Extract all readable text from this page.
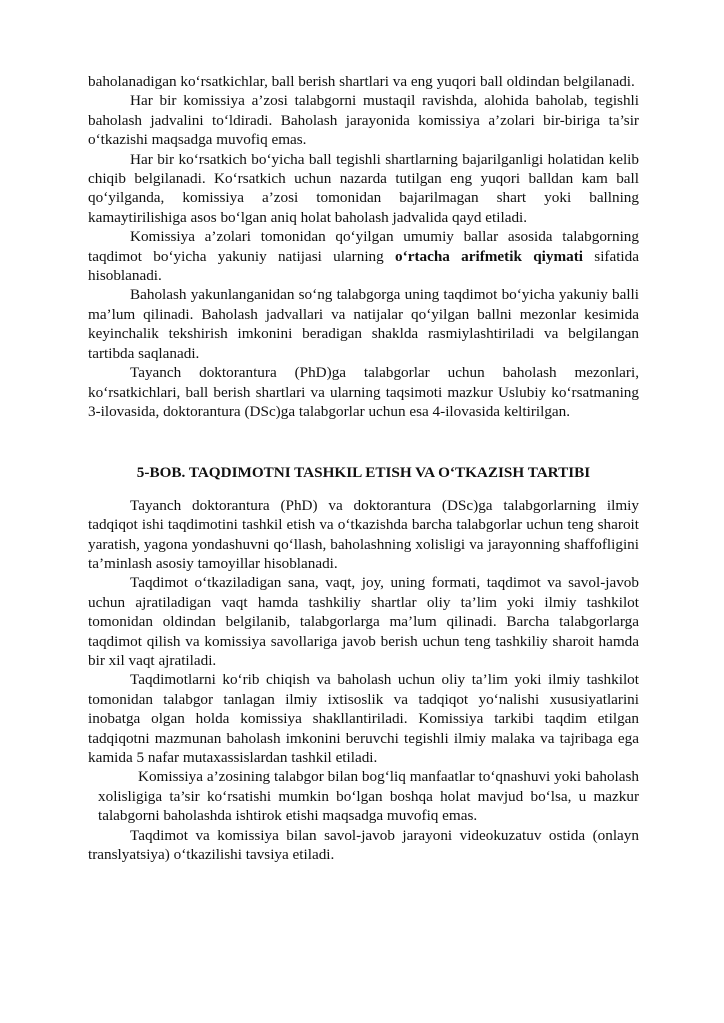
baholanadigan ko‘rsatkichlar, ball berish shartlari va eng yuqori ball oldindan belgilanadi.

Har bir komissiya a’zosi talabgorni mustaqil ravishda, alohida baholab, tegishli baholash jadvalini to‘ldiradi. Baholash jarayonida komissiya a’zolari bir-biriga ta’sir o‘tkazishi maqsadga muvofiq emas.

Har bir ko‘rsatkich bo‘yicha ball tegishli shartlarning bajarilganligi holatidan kelib chiqib belgilanadi. Ko‘rsatkich uchun nazarda tutilgan eng yuqori balldan kam ball qo‘yilganda, komissiya a’zosi tomonidan bajarilmagan shart yoki ballning kamaytirilishiga asos bo‘lgan aniq holat baholash jadvalida qayd etiladi.

Komissiya a’zolari tomonidan qo‘yilgan umumiy ballar asosida talabgorning taqdimot bo‘yicha yakuniy natijasi ularning o‘rtacha arifmetik qiymati sifatida hisoblanadi.

Baholash yakunlanganidan so‘ng talabgorga uning taqdimot bo‘yicha yakuniy balli ma’lum qilinadi. Baholash jadvallari va natijalar qo‘yilgan ballni mezonlar kesimida keyinchalik tekshirish imkonini beradigan shaklda rasmiylashtiriladi va belgilangan tartibda saqlanadi.

Tayanch doktorantura (PhD)ga talabgorlar uchun baholash mezonlari, ko‘rsatkichlari, ball berish shartlari va ularning taqsimoti mazkur Uslubiy ko‘rsatmaning 3-ilovasida, doktorantura (DSc)ga talabgorlar uchun esa 4-ilovasida keltirilgan.

5-BOB. TAQDIMOTNI TASHKIL ETISH VA O‘TKAZISH TARTIBI

Tayanch doktorantura (PhD) va doktorantura (DSc)ga talabgorlarning ilmiy tadqiqot ishi taqdimotini tashkil etish va o‘tkazishda barcha talabgorlar uchun teng sharoit yaratish, yagona yondashuvni qo‘llash, baholashning xolisligi va jarayonning shaffofligini ta’minlash asosiy tamoyillar hisoblanadi.

Taqdimot o‘tkaziladigan sana, vaqt, joy, uning formati, taqdimot va savol-javob uchun ajratiladigan vaqt hamda tashkiliy shartlar oliy ta’lim yoki ilmiy tashkilot tomonidan oldindan belgilanib, talabgorlarga ma’lum qilinadi. Barcha talabgorlarga taqdimot qilish va komissiya savollariga javob berish uchun teng tashkiliy sharoit hamda bir xil vaqt ajratiladi.

Taqdimotlarni ko‘rib chiqish va baholash uchun oliy ta’lim yoki ilmiy tashkilot tomonidan talabgor tanlagan ilmiy ixtisoslik va tadqiqot yo‘nalishi xususiyatlarini inobatga olgan holda komissiya shakllantiriladi. Komissiya tarkibi taqdim etilgan tadqiqotni mazmunan baholash imkonini beruvchi tegishli ilmiy malaka va tajribaga ega kamida 5 nafar mutaxassislardan tashkil etiladi.

Komissiya a’zosining talabgor bilan bog‘liq manfaatlar to‘qnashuvi yoki baholash xolisligiga ta’sir ko‘rsatishi mumkin bo‘lgan boshqa holat mavjud bo‘lsa, u mazkur talabgorni baholashda ishtirok etishi maqsadga muvofiq emas.

Taqdimot va komissiya bilan savol-javob jarayoni videokuzatuv ostida (onlayn translyatsiya) o‘tkazilishi tavsiya etiladi.
